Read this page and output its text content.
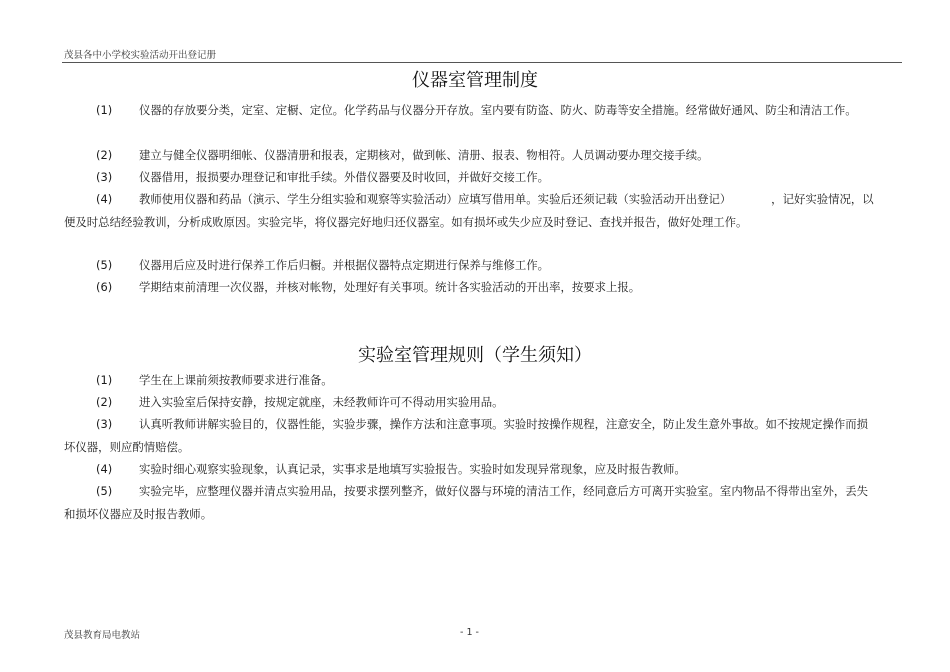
茂县各中小学校实验活动开出登记册
仪器室管理制度

(1) 仪器的存放要分类，定室、定橱、定位。化学药品与仪器分开存放。室内要有防盗、防火、防毒等安全措施。经常做好通风、防尘和清洁工作。

(2) 建立与健全仪器明细帐、仪器清册和报表，定期核对，做到帐、清册、报表、物相符。人员调动要办理交接手续。

(3) 仪器借用，报损要办理登记和审批手续。外借仪器要及时收回，并做好交接工作。

(4) 教师使用仪器和药品（演示、学生分组实验和观察等实验活动）应填写借用单。实验后还须记载（实验活动开出登记）　　　　，记好实验情况，以便及时总结经验教训，分析成败原因。实验完毕，将仪器完好地归还仪器室。如有损坏或失少应及时登记、查找并报告，做好处理工作。

(5) 仪器用后应及时进行保养工作后归橱。并根据仪器特点定期进行保养与维修工作。

(6) 学期结束前清理一次仪器，并核对帐物，处理好有关事项。统计各实验活动的开出率，按要求上报。

实验室管理规则（学生须知）

(1) 学生在上课前须按教师要求进行准备。

(2) 进入实验室后保持安静，按规定就座，未经教师许可不得动用实验用品。

(3) 认真听教师讲解实验目的，仪器性能，实验步骤，操作方法和注意事项。实验时按操作规程，注意安全，防止发生意外事故。如不按规定操作而损坏仪器，则应酌情赔偿。

(4) 实验时细心观察实验现象，认真记录，实事求是地填写实验报告。实验时如发现异常现象，应及时报告教师。

(5) 实验完毕，应整理仪器并清点实验用品，按要求摆列整齐，做好仪器与环境的清洁工作，经同意后方可离开实验室。室内物品不得带出室外，丢失和损坏仪器应及时报告教师。

茂县教育局电教站	- 1 -
